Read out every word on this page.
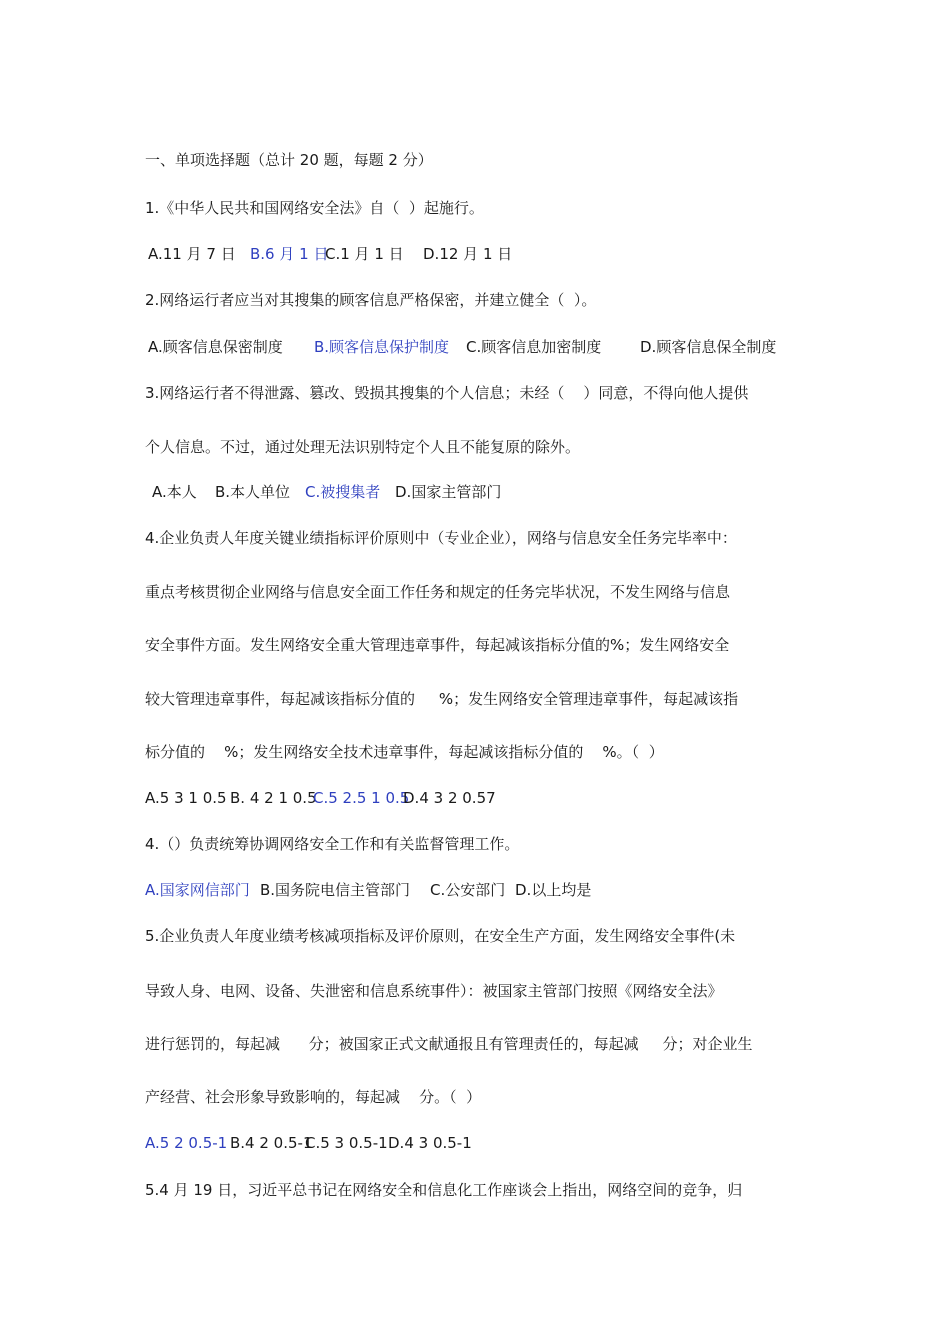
一、单项选择题（总计 20 题，每题 2 分）
1.《中华人民共和国网络安全法》自（  ）起施行。
A.11 月 7 日 B.6 月 1 日
C.1 月 1 日 D.12 月 1 日
2.网络运行者应当对其搜集的顾客信息严格保密，并建立健全（  ）。
A.顾客信息保密制度 B.顾客信息保护制度 C.顾客信息加密制度	D.顾客信息保全制度
3.网络运行者不得泄露、篡改、毁损其搜集的个人信息；未经（    ）同意，不得向他人提供
个人信息。不过，通过处理无法识别特定个人且不能复原的除外。
A.本人 B.本人单位 C.被搜集者 D.国家主管部门
4.企业负责人年度关键业绩指标评价原则中（专业企业），网络与信息安全任务完毕率中：
重点考核贯彻企业网络与信息安全面工作任务和规定的任务完毕状况，不发生网络与信息
安全事件方面。发生网络安全重大管理违章事件，每起减该指标分值的%；发生网络安全
较大管理违章事件，每起减该指标分值的     %；发生网络安全管理违章事件，每起减该指
标分值的    %；发生网络安全技术违章事件，每起减该指标分值的    %。（  ）
A.5 3 1 0.5 B. 4 2 1 0.5
C.5 2.5 1 0.5
D.4 3 2 0.57
4.（）负责统筹协调网络安全工作和有关监督管理工作。
A.国家网信部门 B.国务院电信主管部门 C.公安部门 D.以上均是
5.企业负责人年度业绩考核减项指标及评价原则，在安全生产方面，发生网络安全事件(未
导致人身、电网、设备、失泄密和信息系统事件）：被国家主管部门按照《网络安全法》
进行惩罚的，每起减      分；被国家正式文献通报且有管理责任的，每起减     分；对企业生
产经营、社会形象导致影响的，每起减    分。（  ）
A.5 2 0.5-1 B.4 2 0.5-1
C.5 3 0.5-1 D.4 3 0.5-1
5.4 月 19 日，习近平总书记在网络安全和信息化工作座谈会上指出，网络空间的竞争，归
